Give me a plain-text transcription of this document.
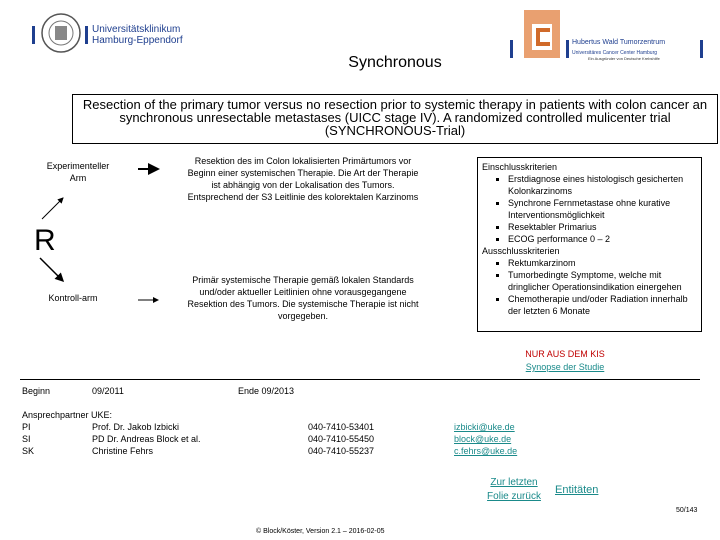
Universitätsklinikum
Hamburg-Eppendorf	Hubertus Wald Tumorzentrum
Universitäres Cancer Center Hamburg
Ein Ausgründer von Deutsche Krebshilfe
Synchronous
Resection of the primary tumor versus no resection prior to systemic therapy in patients with colon cancer an synchronous unresectable metastases (UICC stage IV). A randomized controlled mulicenter trial (SYNCHRONOUS-Trial)
Experimenteller Arm
Resektion des im Colon lokalisierten Primärtumors vor Beginn einer systemischen Therapie. Die Art der Therapie ist abhängig von der Lokalisation des Tumors. Entsprechend der S3 Leitlinie des kolorektalen Karzinoms
R
Kontroll-arm
Primär systemische Therapie gemäß lokalen Standards und/oder aktueller Leitlinien ohne vorausgegangene Resektion des Tumors. Die systemische Therapie ist nicht vorgegeben.
Einschlusskriterien
▪ Erstdiagnose eines histologisch gesicherten Kolonkarzinoms
▪ Synchrone Fernmetastase ohne kurative Interventionsmöglichkeit
▪ Resektabler Primarius
▪ ECOG performance 0 – 2
Ausschlusskriterien
▪ Rektumkarzinom
▪ Tumorbedingte Symptome, welche mit dringlicher Operationsindikation einergehen
▪ Chemotherapie und/oder Radiation innerhalb der letzten 6 Monate
NUR AUS DEM KIS
Synopse der Studie
Beginn	09/2011	Ende 09/2013
Ansprechpartner UKE:
PI	Prof. Dr. Jakob Izbicki	040-7410-53401	izbicki@uke.de
SI	PD Dr. Andreas Block et al.	040-7410-55450	block@uke.de
SK	Christine Fehrs	040-7410-55237	c.fehrs@uke.de
Zur letzten
Folie zurück
Entitäten
50/143
© Block/Köster, Version 2.1 – 2016-02-05
